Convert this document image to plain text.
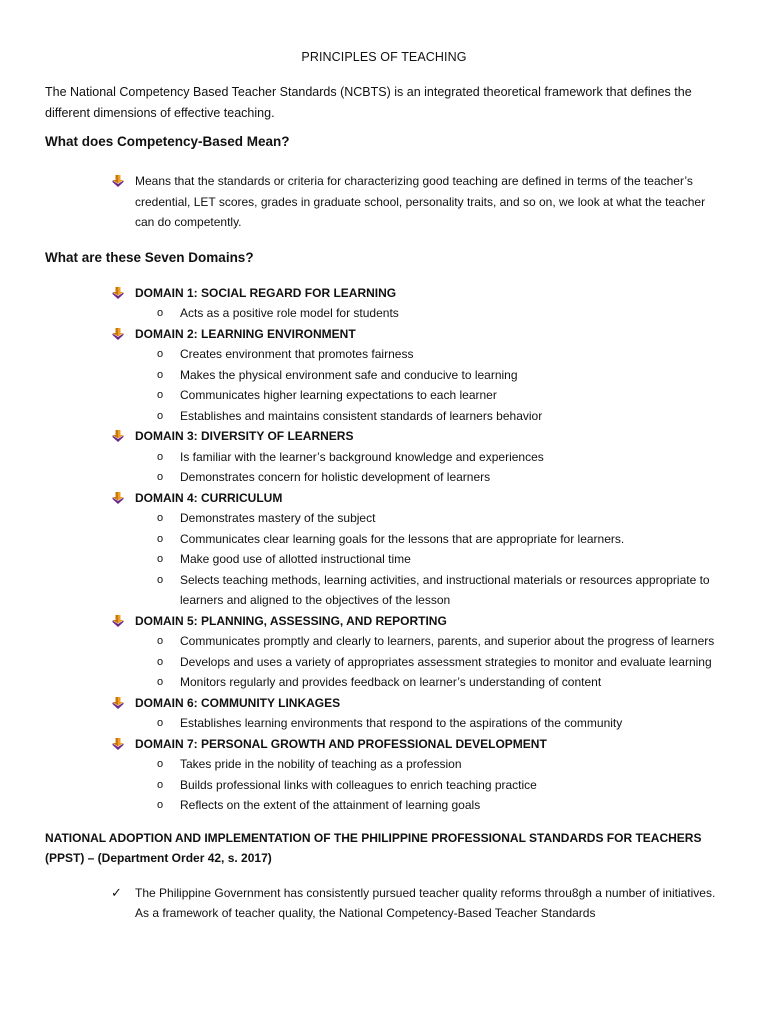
PRINCIPLES OF TEACHING

The National Competency Based Teacher Standards (NCBTS) is an integrated theoretical framework that defines the different dimensions of effective teaching.

What does Competency-Based Mean?
Means that the standards or criteria for characterizing good teaching are defined in terms of the teacher’s credential, LET scores, grades in graduate school, personality traits, and so on, we look at what the teacher can do competently.
What are these Seven Domains?
DOMAIN 1: SOCIAL REGARD FOR LEARNING
o Acts as a positive role model for students
DOMAIN 2: LEARNING ENVIRONMENT
o Creates environment that promotes fairness
o Makes the physical environment safe and conducive to learning
o Communicates higher learning expectations to each learner
o Establishes and maintains consistent standards of learners behavior
DOMAIN 3: DIVERSITY OF LEARNERS
o Is familiar with the learner’s background knowledge and experiences
o Demonstrates concern for holistic development of learners
DOMAIN 4: CURRICULUM
o Demonstrates mastery of the subject
o Communicates clear learning goals for the lessons that are appropriate for learners.
o Make good use of allotted instructional time
o Selects teaching methods, learning activities, and instructional materials or resources appropriate to learners and aligned to the objectives of the lesson
DOMAIN 5: PLANNING, ASSESSING, AND REPORTING
o Communicates promptly and clearly to learners, parents, and superior about the progress of learners
o Develops and uses a variety of appropriates assessment strategies to monitor and evaluate learning
o Monitors regularly and provides feedback on learner’s understanding of content
DOMAIN 6: COMMUNITY LINKAGES
o Establishes learning environments that respond to the aspirations of the community
DOMAIN 7: PERSONAL GROWTH AND PROFESSIONAL DEVELOPMENT
o Takes pride in the nobility of teaching as a profession
o Builds professional links with colleagues to enrich teaching practice
o Reflects on the extent of the attainment of learning goals
NATIONAL ADOPTION AND IMPLEMENTATION OF THE PHILIPPINE PROFESSIONAL STANDARDS FOR TEACHERS (PPST) – (Department Order 42, s. 2017)
✓ The Philippine Government has consistently pursued teacher quality reforms throu8gh a number of initiatives. As a framework of teacher quality, the National Competency-Based Teacher Standards
